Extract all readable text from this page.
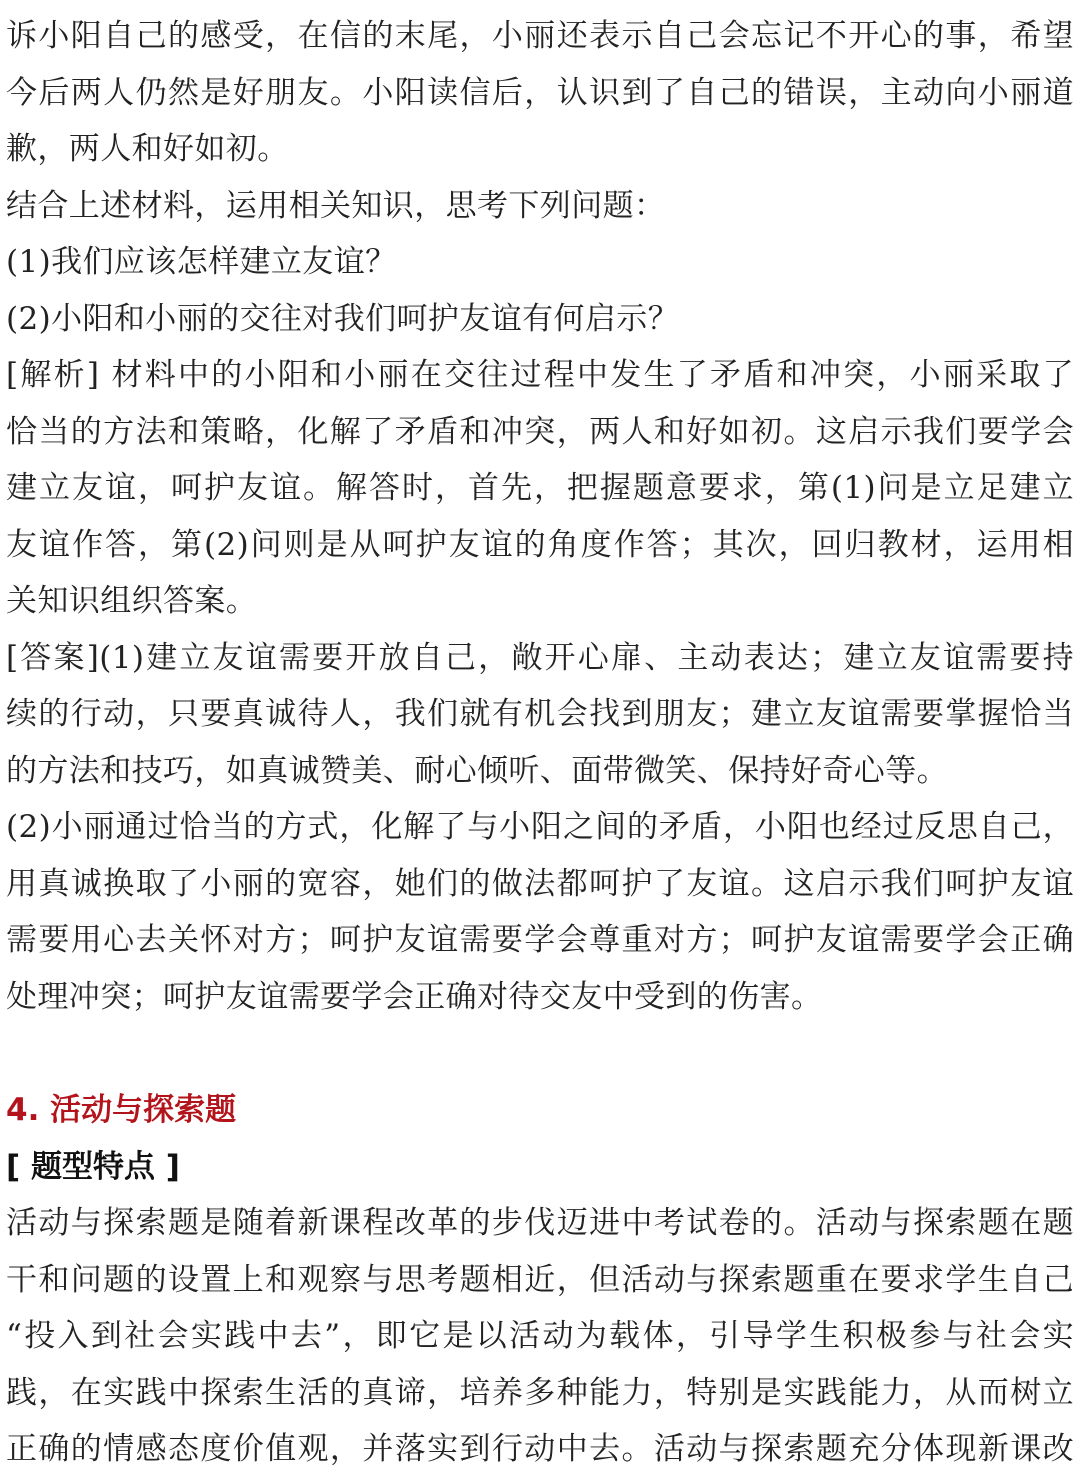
诉小阳自己的感受，在信的末尾，小丽还表示自己会忘记不开心的事，希望
今后两人仍然是好朋友。小阳读信后，认识到了自己的错误，主动向小丽道
歉，两人和好如初。
结合上述材料，运用相关知识，思考下列问题：
(1)我们应该怎样建立友谊？
(2)小阳和小丽的交往对我们呵护友谊有何启示？
[解析] 材料中的小阳和小丽在交往过程中发生了矛盾和冲突，小丽采取了
恰当的方法和策略，化解了矛盾和冲突，两人和好如初。这启示我们要学会
建立友谊，呵护友谊。解答时，首先，把握题意要求，第(1)问是立足建立
友谊作答，第(2)问则是从呵护友谊的角度作答；其次，回归教材，运用相
关知识组织答案。
[答案](1)建立友谊需要开放自己，敞开心扉、主动表达；建立友谊需要持
续的行动，只要真诚待人，我们就有机会找到朋友；建立友谊需要掌握恰当
的方法和技巧，如真诚赞美、耐心倾听、面带微笑、保持好奇心等。
(2)小丽通过恰当的方式，化解了与小阳之间的矛盾，小阳也经过反思自己，
用真诚换取了小丽的宽容，她们的做法都呵护了友谊。这启示我们呵护友谊
需要用心去关怀对方；呵护友谊需要学会尊重对方；呵护友谊需要学会正确
处理冲突；呵护友谊需要学会正确对待交友中受到的伤害。
4. 活动与探索题
[ 题型特点 ]
活动与探索题是随着新课程改革的步伐迈进中考试卷的。活动与探索题在题
干和问题的设置上和观察与思考题相近，但活动与探索题重在要求学生自己
“投入到社会实践中去”，即它是以活动为载体，引导学生积极参与社会实
践，在实践中探索生活的真谛，培养多种能力，特别是实践能力，从而树立
正确的情感态度价值观，并落实到行动中去。活动与探索题充分体现新课改
